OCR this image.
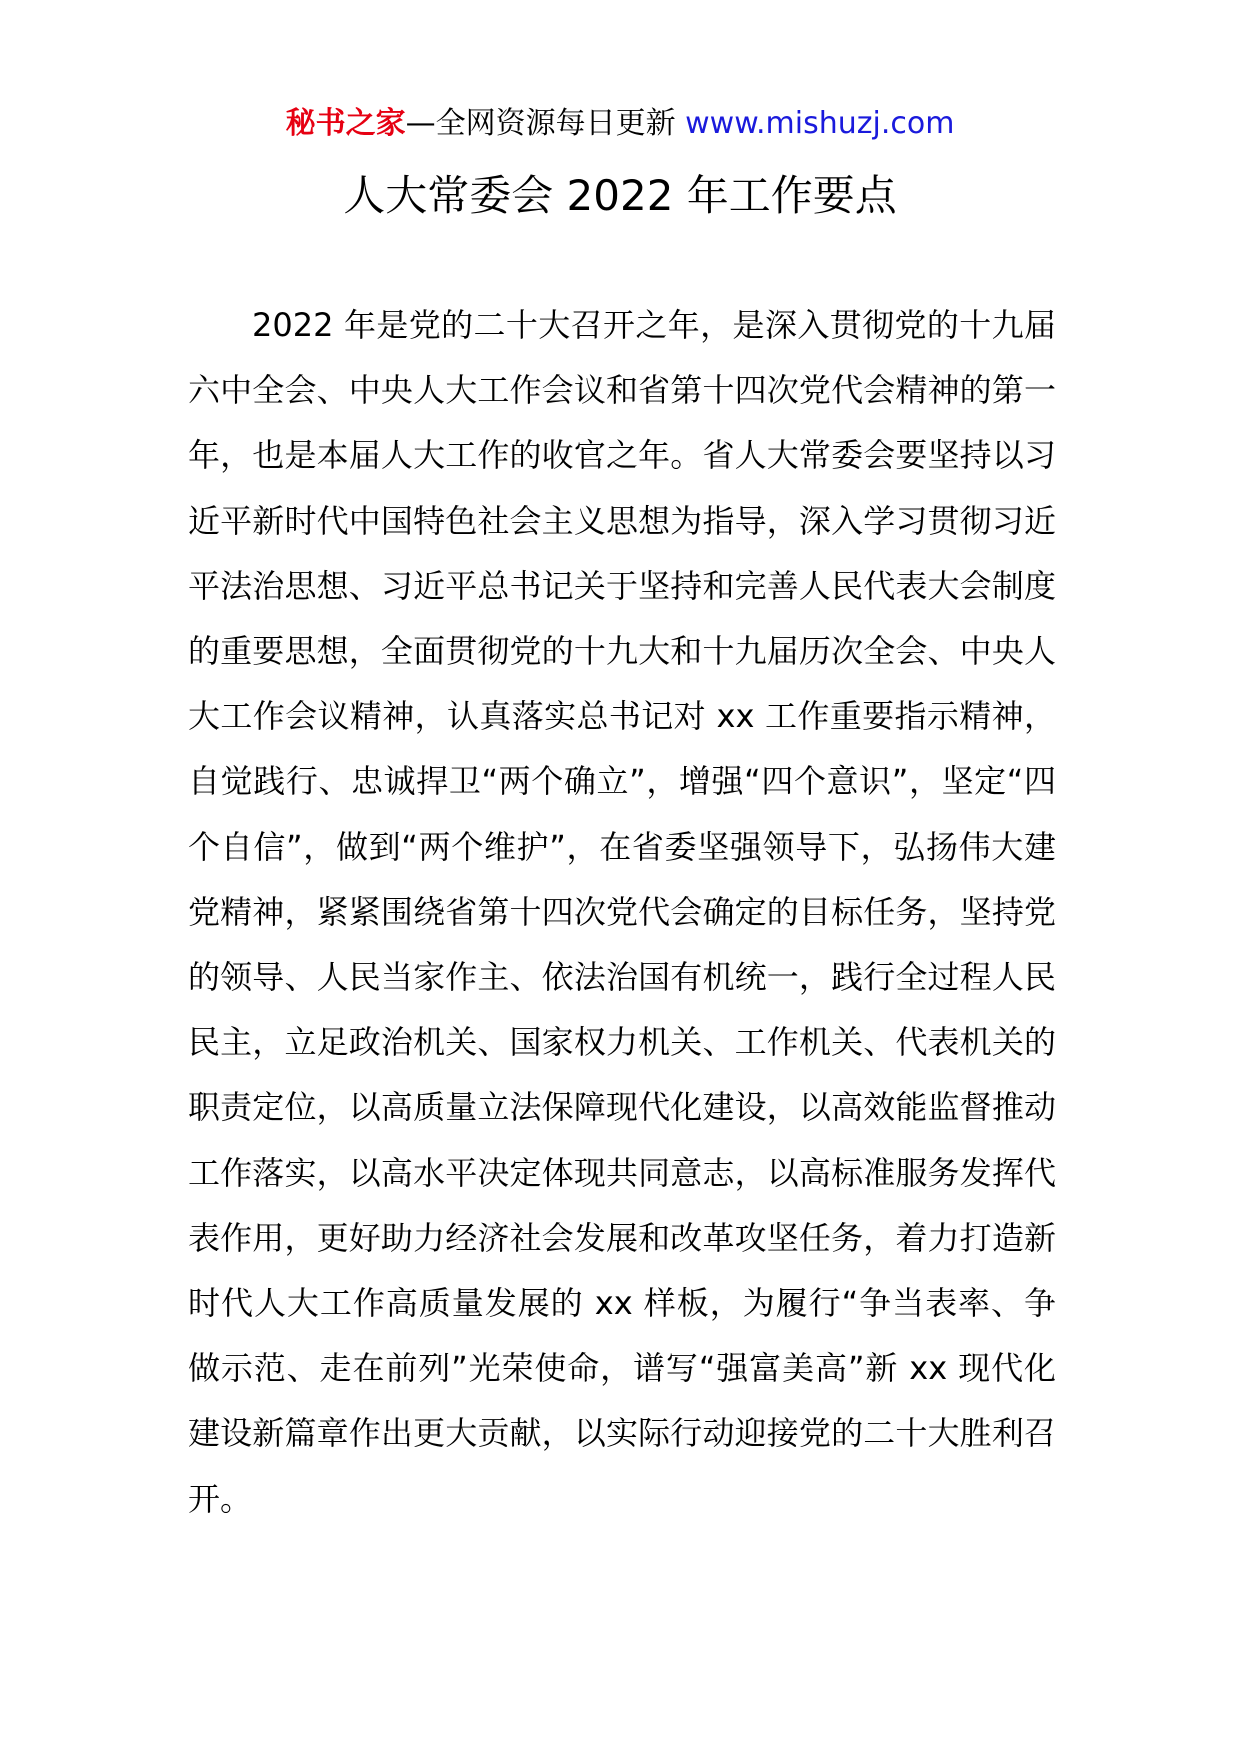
秘书之家—全网资源每日更新 www.mishuzj.com
人大常委会 2022 年工作要点

2022 年是党的二十大召开之年，是深入贯彻党的十九届六中全会、中央人大工作会议和省第十四次党代会精神的第一年，也是本届人大工作的收官之年。省人大常委会要坚持以习近平新时代中国特色社会主义思想为指导，深入学习贯彻习近平法治思想、习近平总书记关于坚持和完善人民代表大会制度的重要思想，全面贯彻党的十九大和十九届历次全会、中央人大工作会议精神，认真落实总书记对 xx 工作重要指示精神，自觉践行、忠诚捍卫“两个确立”，增强“四个意识”，坚定“四个自信”，做到“两个维护”，在省委坚强领导下，弘扬伟大建党精神，紧紧围绕省第十四次党代会确定的目标任务，坚持党的领导、人民当家作主、依法治国有机统一，践行全过程人民民主，立足政治机关、国家权力机关、工作机关、代表机关的职责定位，以高质量立法保障现代化建设，以高效能监督推动工作落实，以高水平决定体现共同意志，以高标准服务发挥代表作用，更好助力经济社会发展和改革攻坚任务，着力打造新时代人大工作高质量发展的 xx 样板，为履行“争当表率、争做示范、走在前列”光荣使命，谱写“强富美高”新 xx 现代化建设新篇章作出更大贡献，以实际行动迎接党的二十大胜利召开。
